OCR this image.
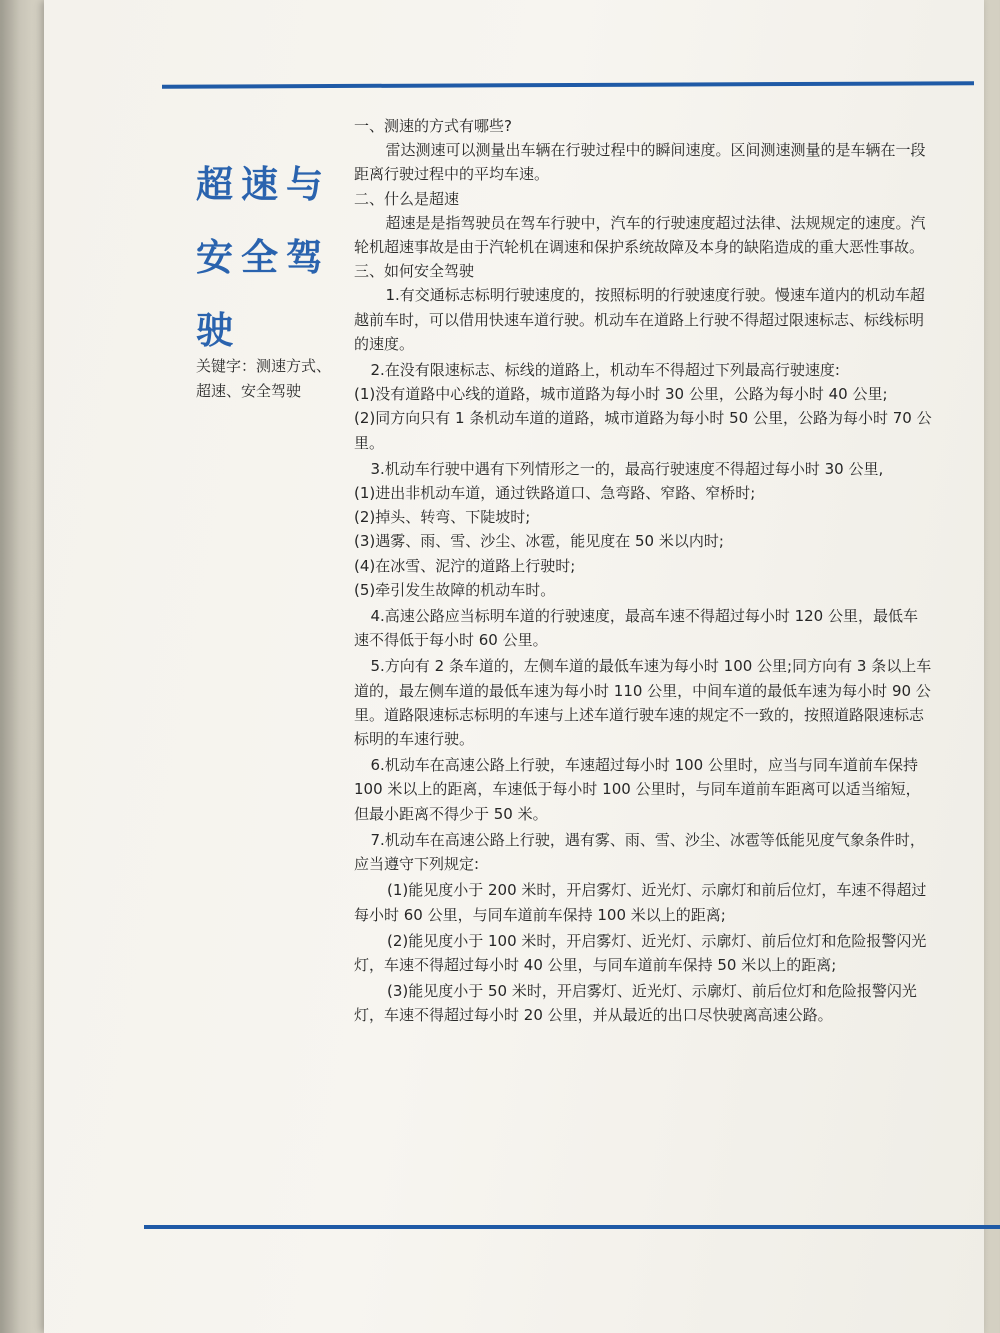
超速与安全驾驶

关键字：测速方式、超速、安全驾驶

一、测速的方式有哪些?

雷达测速可以测量出车辆在行驶过程中的瞬间速度。区间测速测量的是车辆在一段距离行驶过程中的平均车速。

二、什么是超速

超速是是指驾驶员在驾车行驶中，汽车的行驶速度超过法律、法规规定的速度。汽轮机超速事故是由于汽轮机在调速和保护系统故障及本身的缺陷造成的重大恶性事故。

三、如何安全驾驶

1.有交通标志标明行驶速度的，按照标明的行驶速度行驶。慢速车道内的机动车超越前车时，可以借用快速车道行驶。机动车在道路上行驶不得超过限速标志、标线标明的速度。

2.在没有限速标志、标线的道路上，机动车不得超过下列最高行驶速度:

(1)没有道路中心线的道路，城市道路为每小时 30 公里，公路为每小时 40 公里;

(2)同方向只有 1 条机动车道的道路，城市道路为每小时 50 公里，公路为每小时 70 公里。

3.机动车行驶中遇有下列情形之一的，最高行驶速度不得超过每小时 30 公里,

(1)进出非机动车道，通过铁路道口、急弯路、窄路、窄桥时;

(2)掉头、转弯、下陡坡时;

(3)遇雾、雨、雪、沙尘、冰雹，能见度在 50 米以内时;

(4)在冰雪、泥泞的道路上行驶时;

(5)牵引发生故障的机动车时。

4.高速公路应当标明车道的行驶速度，最高车速不得超过每小时 120 公里，最低车速不得低于每小时 60 公里。

5.方向有 2 条车道的，左侧车道的最低车速为每小时 100 公里;同方向有 3 条以上车道的，最左侧车道的最低车速为每小时 110 公里，中间车道的最低车速为每小时 90 公里。道路限速标志标明的车速与上述车道行驶车速的规定不一致的，按照道路限速标志标明的车速行驶。

6.机动车在高速公路上行驶，车速超过每小时 100 公里时，应当与同车道前车保持 100 米以上的距离，车速低于每小时 100 公里时，与同车道前车距离可以适当缩短，但最小距离不得少于 50 米。

7.机动车在高速公路上行驶，遇有雾、雨、雪、沙尘、冰雹等低能见度气象条件时，应当遵守下列规定:

(1)能见度小于 200 米时，开启雾灯、近光灯、示廓灯和前后位灯，车速不得超过每小时 60 公里，与同车道前车保持 100 米以上的距离;

(2)能见度小于 100 米时，开启雾灯、近光灯、示廓灯、前后位灯和危险报警闪光灯，车速不得超过每小时 40 公里，与同车道前车保持 50 米以上的距离;

(3)能见度小于 50 米时，开启雾灯、近光灯、示廓灯、前后位灯和危险报警闪光灯，车速不得超过每小时 20 公里，并从最近的出口尽快驶离高速公路。
